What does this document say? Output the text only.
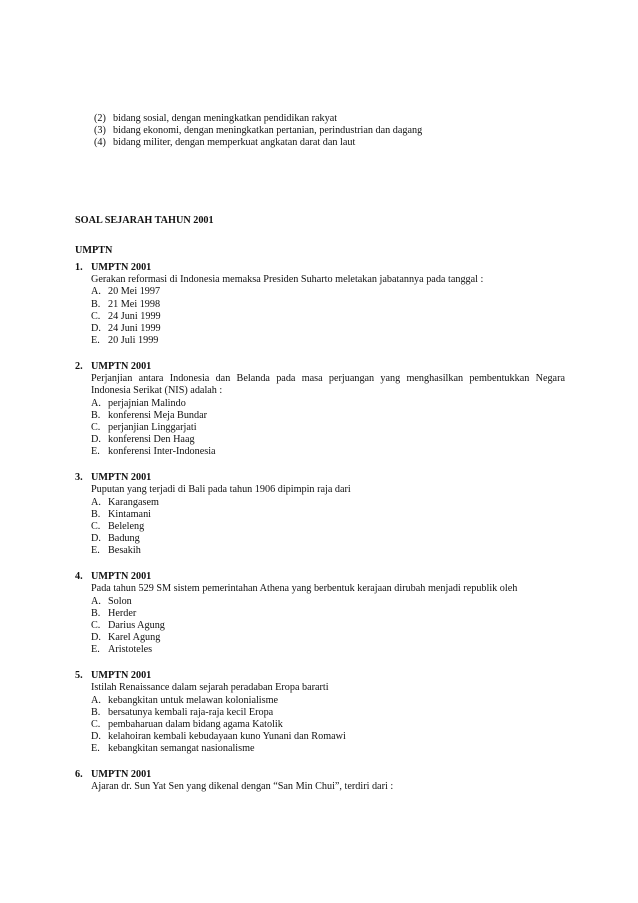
(2) bidang sosial, dengan meningkatkan pendidikan rakyat
(3) bidang ekonomi, dengan meningkatkan pertanian, perindustrian dan dagang
(4) bidang militer, dengan memperkuat angkatan darat dan laut
SOAL SEJARAH TAHUN 2001
UMPTN
1. UMPTN 2001
Gerakan reformasi di Indonesia memaksa Presiden Suharto meletakan jabatannya pada tanggal :
A. 20 Mei 1997
B. 21 Mei 1998
C. 24 Juni 1999
D. 24 Juni 1999
E. 20 Juli 1999
2. UMPTN 2001
Perjanjian antara Indonesia dan Belanda pada masa perjuangan yang menghasilkan pembentukkan Negara Indonesia Serikat (NIS) adalah :
A. perjajnian Malindo
B. konferensi Meja Bundar
C. perjanjian Linggarjati
D. konferensi Den Haag
E. konferensi Inter-Indonesia
3. UMPTN 2001
Puputan yang terjadi di Bali pada tahun 1906 dipimpin raja dari
A. Karangasem
B. Kintamani
C. Beleleng
D. Badung
E. Besakih
4. UMPTN 2001
Pada tahun 529 SM sistem pemerintahan Athena yang berbentuk kerajaan dirubah menjadi republik oleh
A. Solon
B. Herder
C. Darius Agung
D. Karel Agung
E. Aristoteles
5. UMPTN 2001
Istilah Renaissance dalam sejarah peradaban Eropa bararti
A. kebangkitan untuk melawan kolonialisme
B. bersatunya kembali raja-raja kecil Eropa
C. pembaharuan dalam bidang agama Katolik
D. kelahoiran kembali kebudayaan kuno Yunani dan Romawi
E. kebangkitan semangat nasionalisme
6. UMPTN 2001
Ajaran dr. Sun Yat Sen yang dikenal dengan “San Min Chui”, terdiri dari :
